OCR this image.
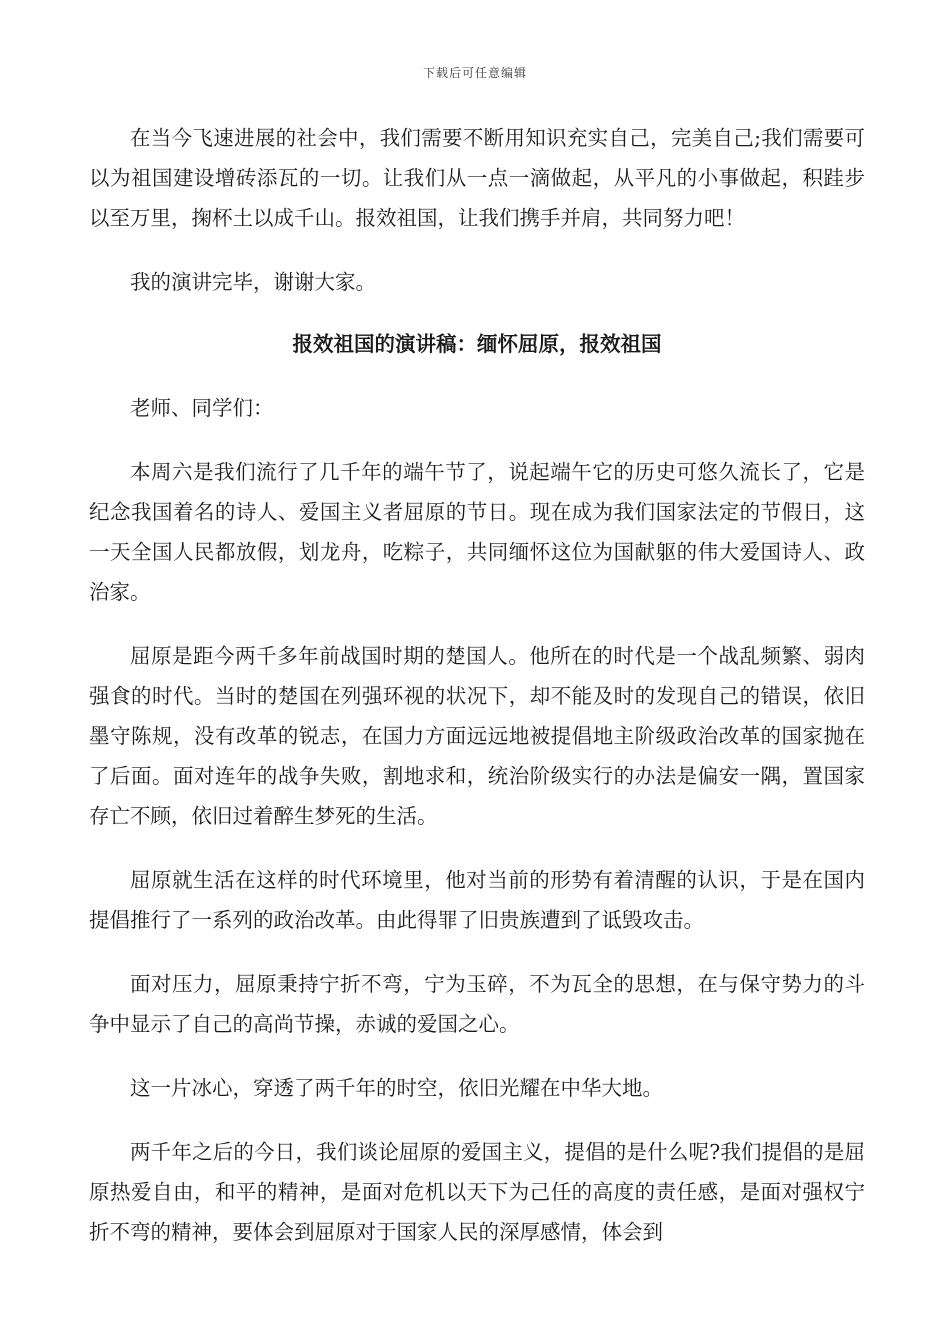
下载后可任意编辑

在当今飞速进展的社会中，我们需要不断用知识充实自己，完美自己;我们需要可以为祖国建设增砖添瓦的一切。让我们从一点一滴做起，从平凡的小事做起，积跬步以至万里，掬杯土以成千山。报效祖国，让我们携手并肩，共同努力吧！

我的演讲完毕，谢谢大家。

报效祖国的演讲稿：缅怀屈原，报效祖国

老师、同学们：

本周六是我们流行了几千年的端午节了，说起端午它的历史可悠久流长了，它是纪念我国着名的诗人、爱国主义者屈原的节日。现在成为我们国家法定的节假日，这一天全国人民都放假，划龙舟，吃粽子，共同缅怀这位为国献躯的伟大爱国诗人、政治家。

屈原是距今两千多年前战国时期的楚国人。他所在的时代是一个战乱频繁、弱肉强食的时代。当时的楚国在列强环视的状况下，却不能及时的发现自己的错误，依旧墨守陈规，没有改革的锐志，在国力方面远远地被提倡地主阶级政治改革的国家抛在了后面。面对连年的战争失败，割地求和，统治阶级实行的办法是偏安一隅，置国家存亡不顾，依旧过着醉生梦死的生活。

屈原就生活在这样的时代环境里，他对当前的形势有着清醒的认识，于是在国内提倡推行了一系列的政治改革。由此得罪了旧贵族遭到了诋毁攻击。

面对压力，屈原秉持宁折不弯，宁为玉碎，不为瓦全的思想，在与保守势力的斗争中显示了自己的高尚节操，赤诚的爱国之心。

这一片冰心，穿透了两千年的时空，依旧光耀在中华大地。

两千年之后的今日，我们谈论屈原的爱国主义，提倡的是什么呢?我们提倡的是屈原热爱自由，和平的精神，是面对危机以天下为己任的高度的责任感，是面对强权宁折不弯的精神，要体会到屈原对于国家人民的深厚感情，体会到
